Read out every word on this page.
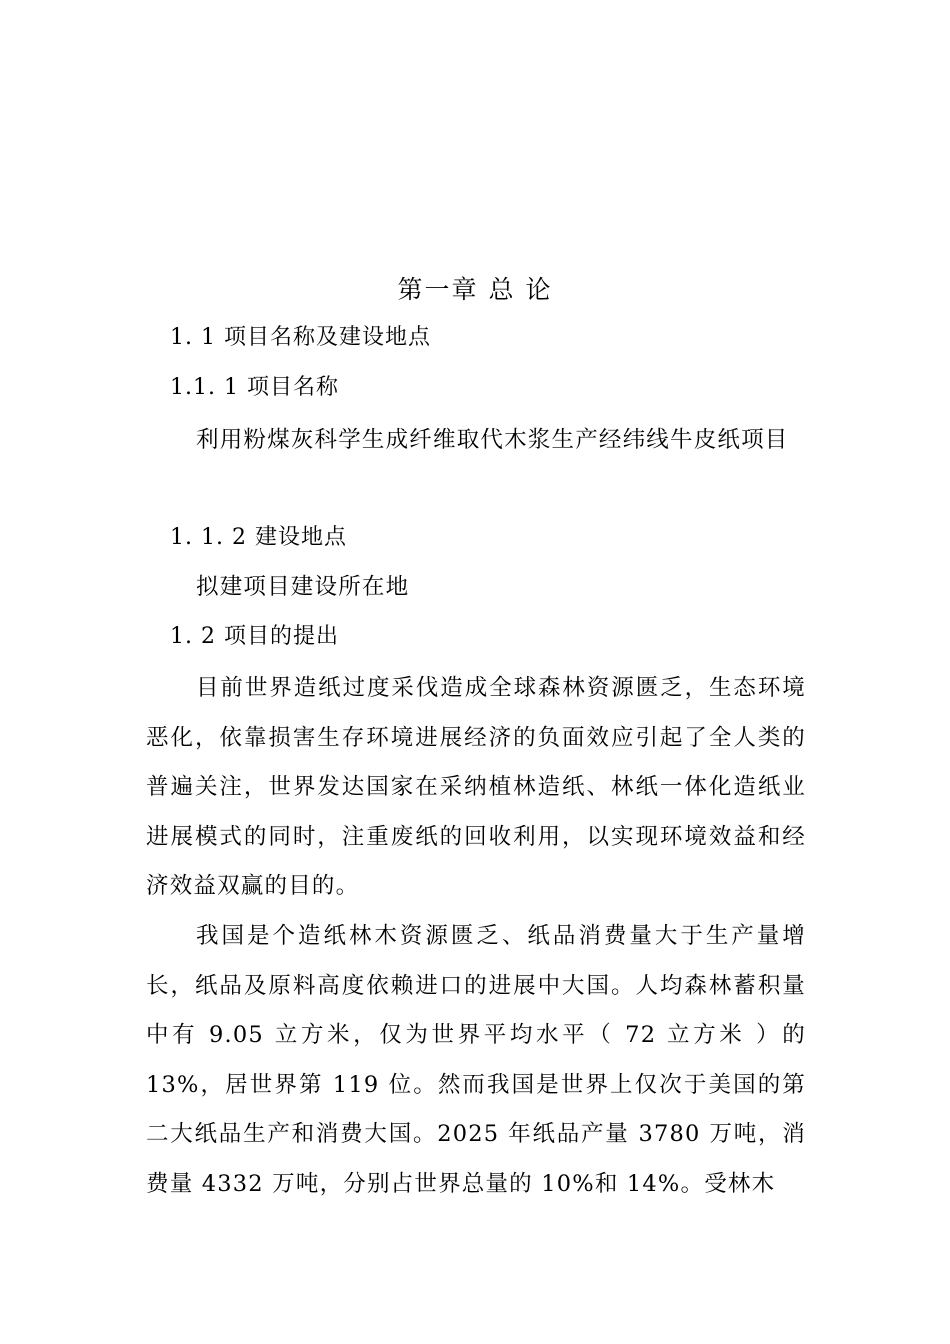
第一章 总 论
1. 1 项目名称及建设地点
1.1. 1 项目名称

利用粉煤灰科学生成纤维取代木浆生产经纬线牛皮纸项目

1. 1. 2 建设地点
拟建项目建设所在地
1. 2 项目的提出

目前世界造纸过度采伐造成全球森林资源匮乏，生态环境恶化，依靠损害生存环境进展经济的负面效应引起了全人类的普遍关注，世界发达国家在采纳植林造纸、林纸一体化造纸业进展模式的同时，注重废纸的回收利用，以实现环境效益和经济效益双赢的目的。

我国是个造纸林木资源匮乏、纸品消费量大于生产量增长，纸品及原料高度依赖进口的进展中大国。人均森林蓄积量中有 9.05 立方米，仅为世界平均水平（ 72 立方米 ）的 13%，居世界第 119 位。然而我国是世界上仅次于美国的第二大纸品生产和消费大国。2025 年纸品产量 3780 万吨，消费量 4332 万吨，分别占世界总量的 10%和 14%。受林木
